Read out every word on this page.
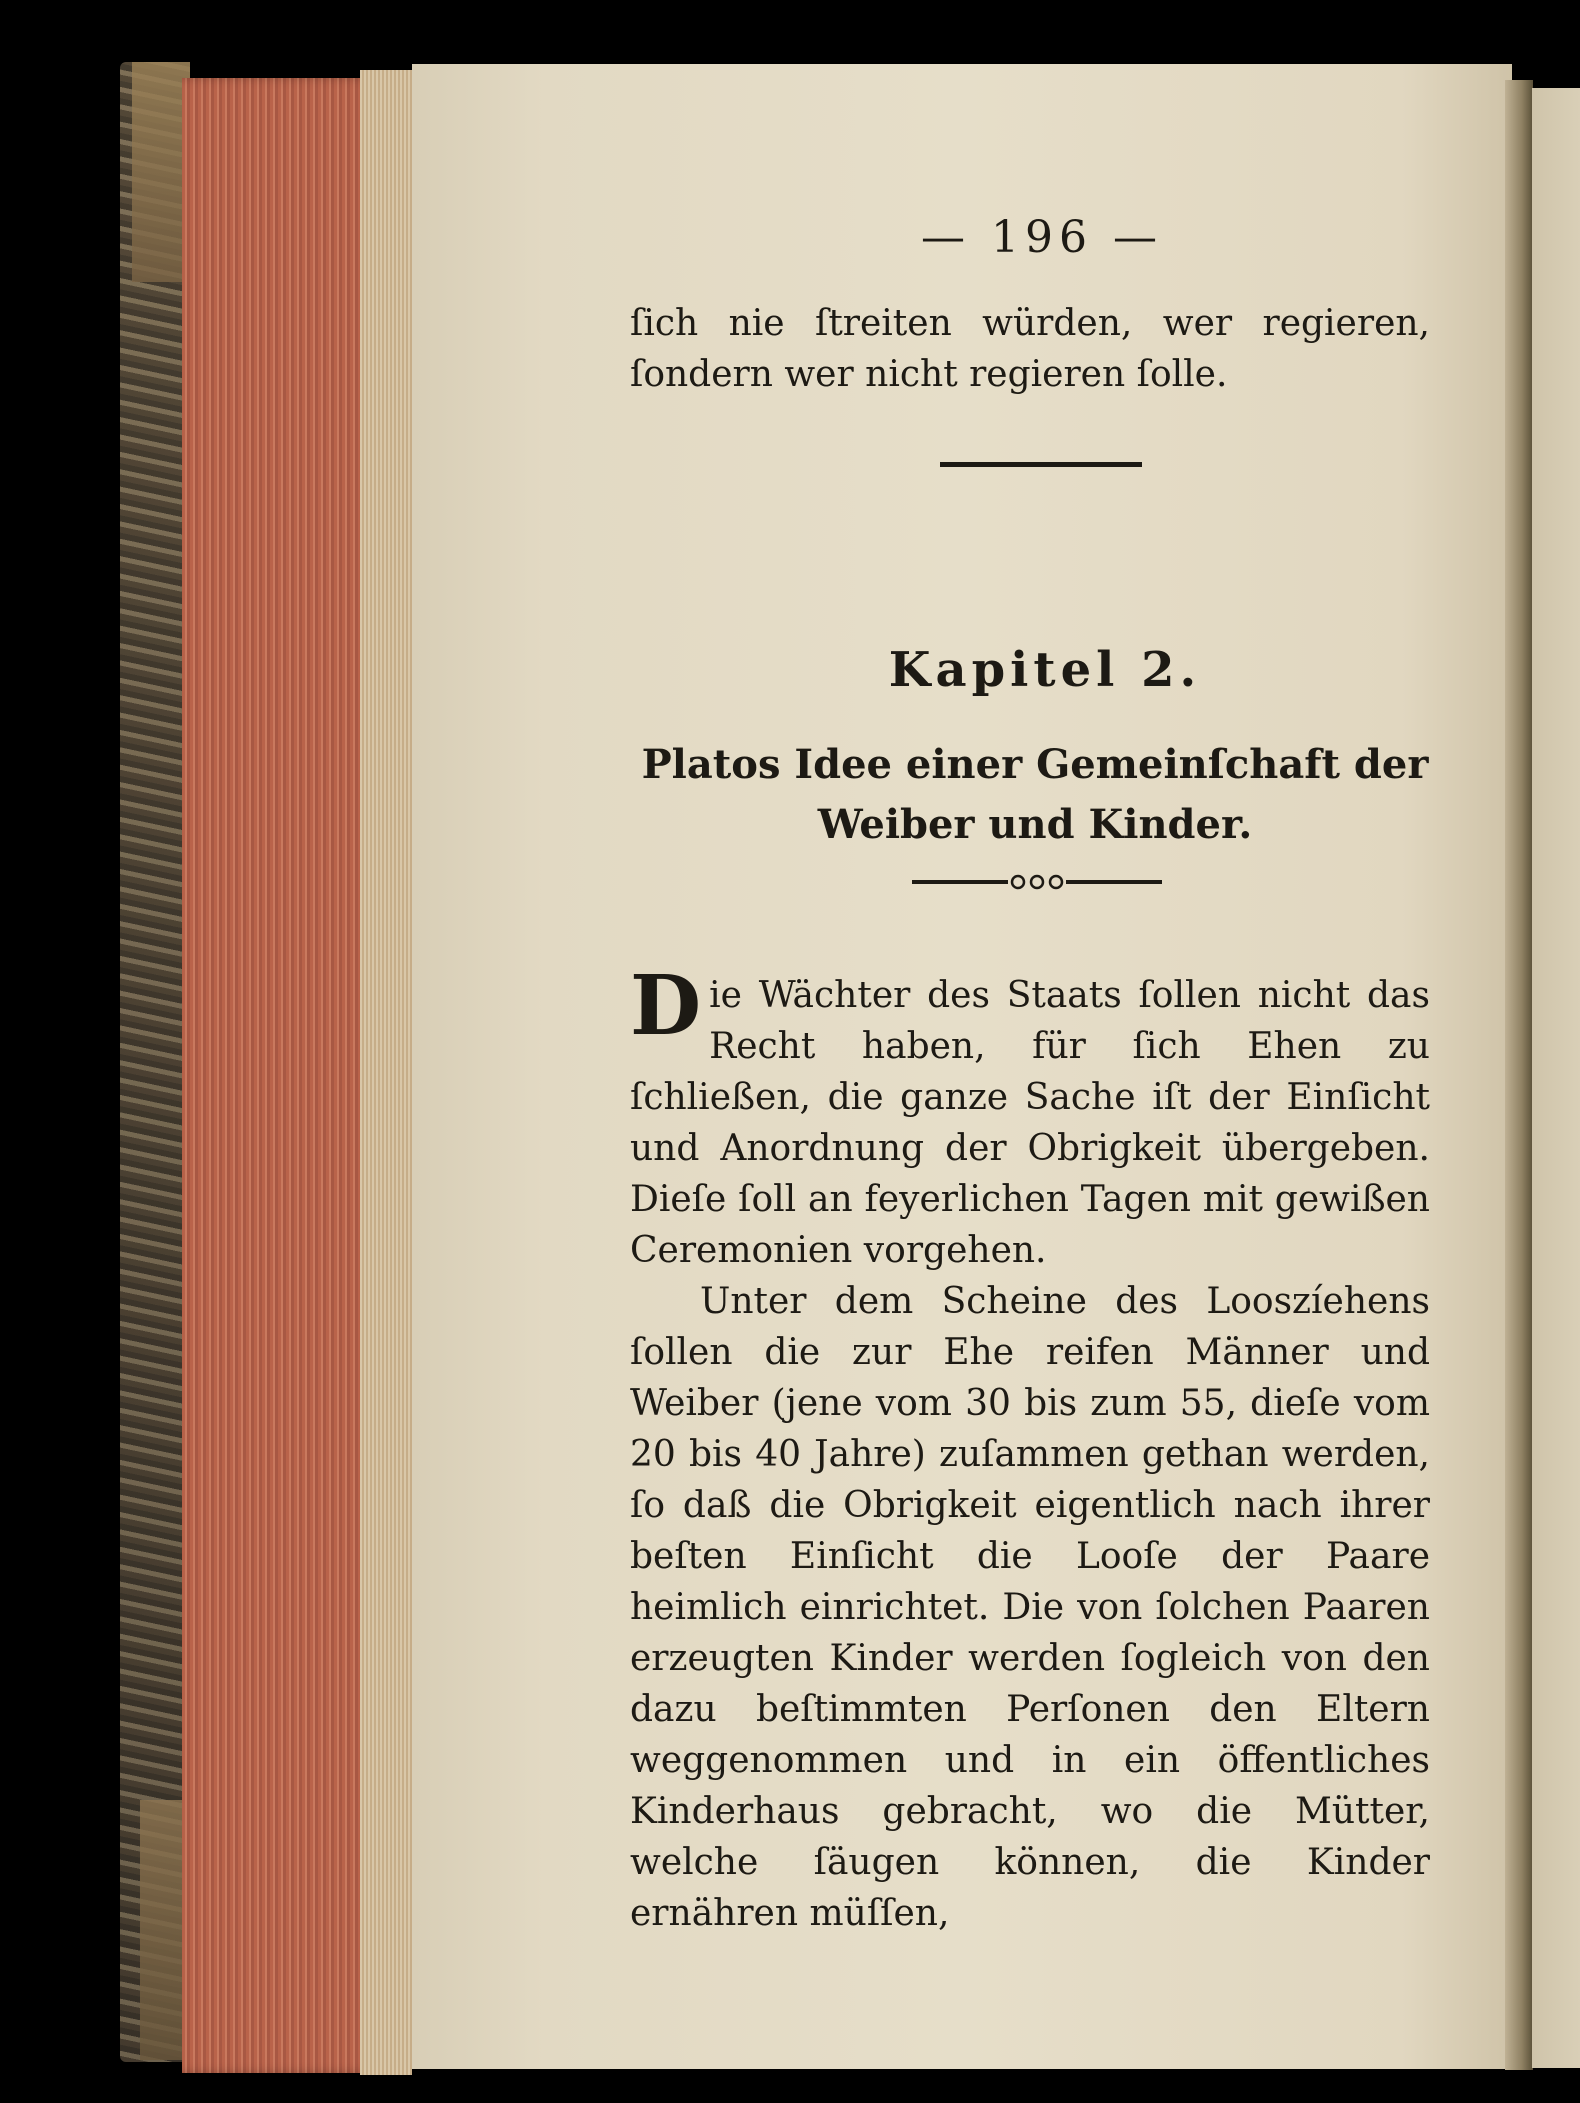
— 196 —

ſich nie ſtreiten würden, wer regieren, ſondern wer nicht regieren ſolle.

Kapitel 2.
Platos Idee einer Gemeinſchaft der Weiber und Kinder.

Die Wächter des Staats ſollen nicht das Recht haben, für ſich Ehen zu ſchließen, die ganze Sache iſt der Einſicht und Anordnung der Obrigkeit übergeben. Dieſe ſoll an feyerlichen Tagen mit gewißen Ceremonien vorgehen.

Unter dem Scheine des Looszíehens ſollen die zur Ehe reifen Männer und Weiber (jene vom 30 bis zum 55, dieſe vom 20 bis 40 Jahre) zuſammen gethan werden, ſo daß die Obrigkeit eigentlich nach ihrer beſten Einſicht die Looſe der Paare heimlich einrichtet. Die von ſolchen Paaren erzeugten Kinder werden ſogleich von den dazu beſtimmten Perſonen den Eltern weggenommen und in ein öffentliches Kinderhaus gebracht, wo die Mütter, welche ſäugen können, die Kinder ernähren müſſen,
